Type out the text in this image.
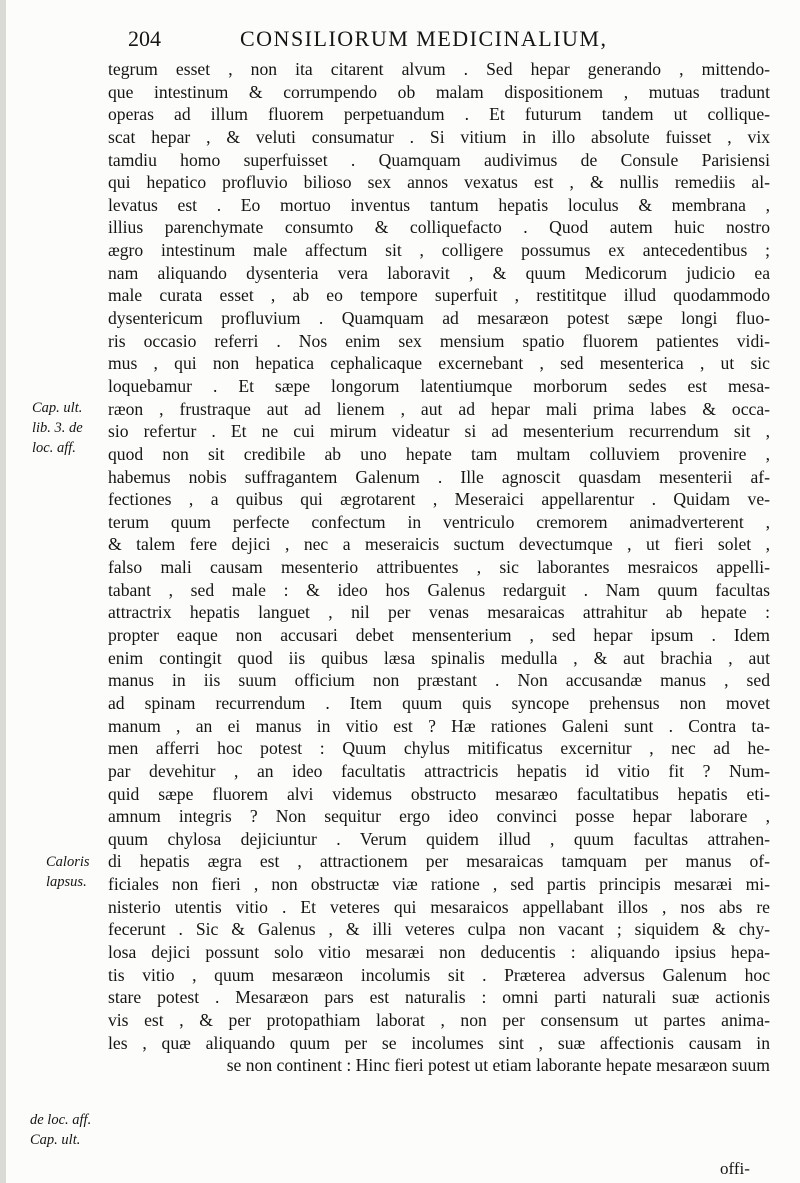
204	CONSILIORUM MEDICINALIUM,
tegrum esset , non ita citarent alvum . Sed hepar generando , mittendo-
que intestinum & corrumpendo ob malam dispositionem , mutuas tradunt
operas ad illum fluorem perpetuandum . Et futurum tandem ut collique-
scat hepar , & veluti consumatur . Si vitium in illo absolute fuisset , vix
tamdiu homo superfuisset . Quamquam audivimus de Consule Parisiensi
qui hepatico profluvio bilioso sex annos vexatus est , & nullis remediis al-
levatus est . Eo mortuo inventus tantum hepatis loculus & membrana ,
illius parenchymate consumto & colliquefacto . Quod autem huic nostro
ægro intestinum male affectum sit , colligere possumus ex antecedentibus ;
nam aliquando dysenteria vera laboravit , & quum Medicorum judicio ea
male curata esset , ab eo tempore superfuit , restititque illud quodammodo
dysentericum profluvium . Quamquam ad mesaræon potest sæpe longi fluo-
ris occasio referri . Nos enim sex mensium spatio fluorem patientes vidi-
mus , qui non hepatica cephalicaque excernebant , sed mesenterica , ut sic
loquebamur . Et sæpe longorum latentiumque morborum sedes est mesa-
ræon , frustraque aut ad lienem , aut ad hepar mali prima labes & occa-
sio refertur . Et ne cui mirum videatur si ad mesenterium recurrendum sit ,
quod non sit credibile ab uno hepate tam multam colluviem provenire ,
habemus nobis suffragantem Galenum . Ille agnoscit quasdam mesenterii af-
fectiones , a quibus qui ægrotarent , Meseraici appellarentur . Quidam ve-
terum quum perfecte confectum in ventriculo cremorem animadverterent ,
& talem fere dejici , nec a meseraicis suctum devectumque , ut fieri solet ,
falso mali causam mesenterio attribuentes , sic laborantes mesraicos appelli-
tabant , sed male : & ideo hos Galenus redarguit . Nam quum facultas
attractrix hepatis languet , nil per venas mesaraicas attrahitur ab hepate :
propter eaque non accusari debet mensenterium , sed hepar ipsum . Idem
enim contingit quod iis quibus læsa spinalis medulla , & aut brachia , aut
manus in iis suum officium non præstant . Non accusandæ manus , sed
ad spinam recurrendum . Item quum quis syncope prehensus non movet
manum , an ei manus in vitio est ? Hæ rationes Galeni sunt . Contra ta-
men afferri hoc potest : Quum chylus mitificatus excernitur , nec ad he-
par devehitur , an ideo facultatis attractricis hepatis id vitio fit ? Num-
quid sæpe fluorem alvi videmus obstructo mesaræo facultatibus hepatis eti-
amnum integris ? Non sequitur ergo ideo convinci posse hepar laborare ,
quum chylosa dejiciuntur . Verum quidem illud , quum facultas attrahen-
di hepatis ægra est , attractionem per mesaraicas tamquam per manus of-
ficiales non fieri , non obstructæ viæ ratione , sed partis principis mesaræi mi-
nisterio utentis vitio . Et veteres qui mesaraicos appellabant illos , nos abs re
fecerunt . Sic & Galenus , & illi veteres culpa non vacant ; siquidem & chy-
losa dejici possunt solo vitio mesaræi non deducentis : aliquando ipsius hepa-
tis vitio , quum mesaræon incolumis sit . Præterea adversus Galenum hoc
stare potest . Mesaræon pars est naturalis : omni parti naturali suæ actionis
vis est , & per protopathiam laborat , non per consensum ut partes anima-
les , quæ aliquando quum per se incolumes sint , suæ affectionis causam in
se non continent : Hinc fieri potest ut etiam laborante hepate mesaræon suum
Cap. ult.
lib. 3. de
loc. aff.
Caloris
lapsus.
de loc. aff.
Cap. ult.
offi-
